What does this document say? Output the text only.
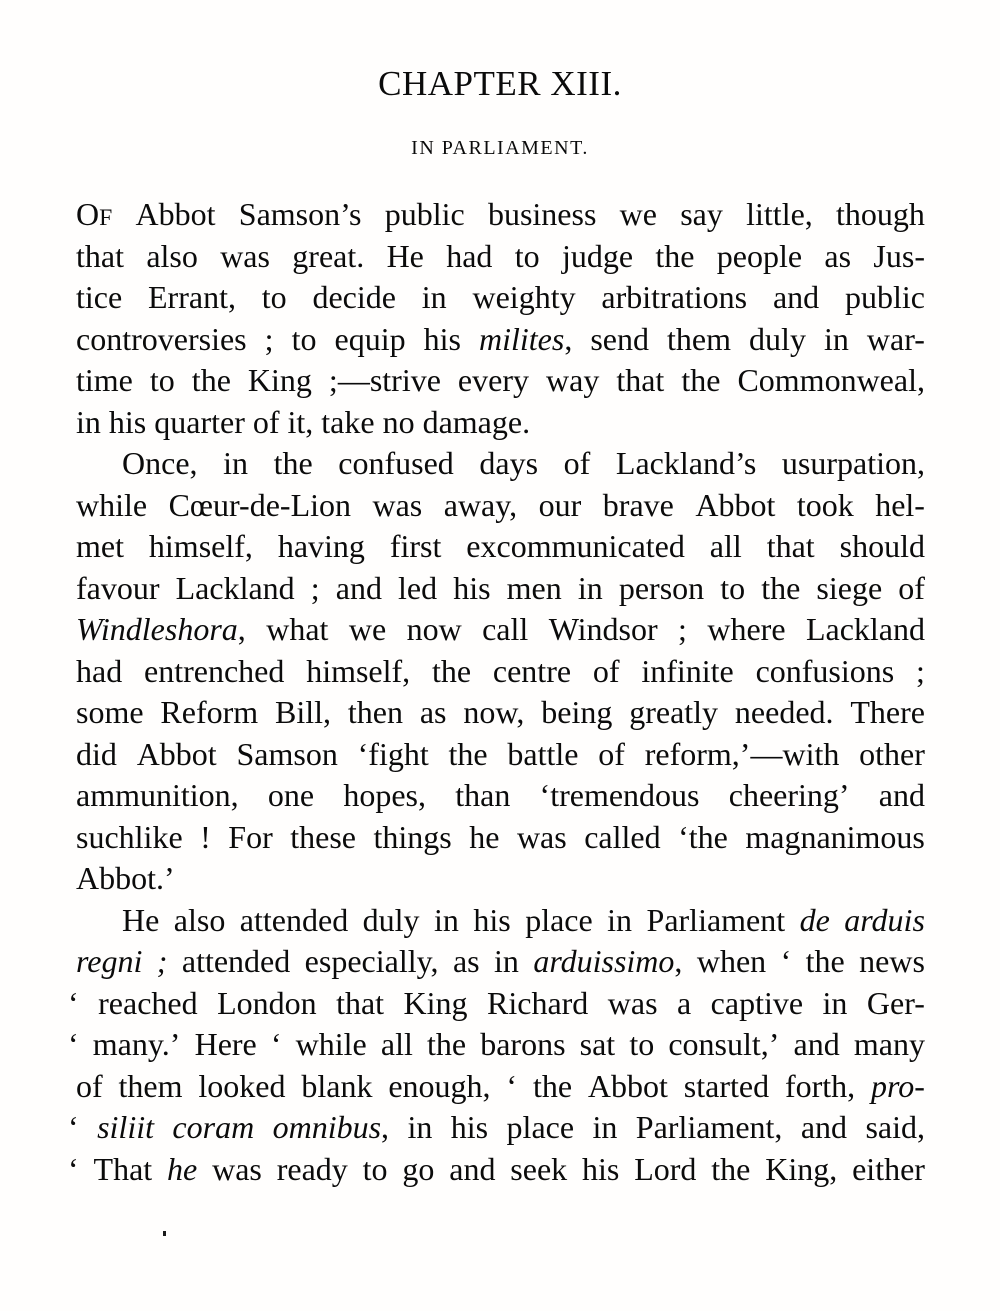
CHAPTER XIII.
IN PARLIAMENT.
OF Abbot Samson’s public business we say little, though
that also was great. He had to judge the people as Jus-
tice Errant, to decide in weighty arbitrations and public
controversies ; to equip his milites, send them duly in war-
time to the King ;—strive every way that the Commonweal,
in his quarter of it, take no damage.
Once, in the confused days of Lackland’s usurpation,
while Cœur-de-Lion was away, our brave Abbot took hel-
met himself, having first excommunicated all that should
favour Lackland ; and led his men in person to the siege of
Windleshora, what we now call Windsor ; where Lackland
had entrenched himself, the centre of infinite confusions ;
some Reform Bill, then as now, being greatly needed. There
did Abbot Samson ‘fight the battle of reform,’—with other
ammunition, one hopes, than ‘tremendous cheering’ and
suchlike ! For these things he was called ‘the magnanimous
Abbot.’
He also attended duly in his place in Parliament de arduis
regni ; attended especially, as in arduissimo, when ‘ the news
‘ reached London that King Richard was a captive in Ger-
‘ many.’ Here ‘ while all the barons sat to consult,’ and many
of them looked blank enough, ‘ the Abbot started forth, pro-
‘ siliit coram omnibus, in his place in Parliament, and said,
‘ That he was ready to go and seek his Lord the King, either
